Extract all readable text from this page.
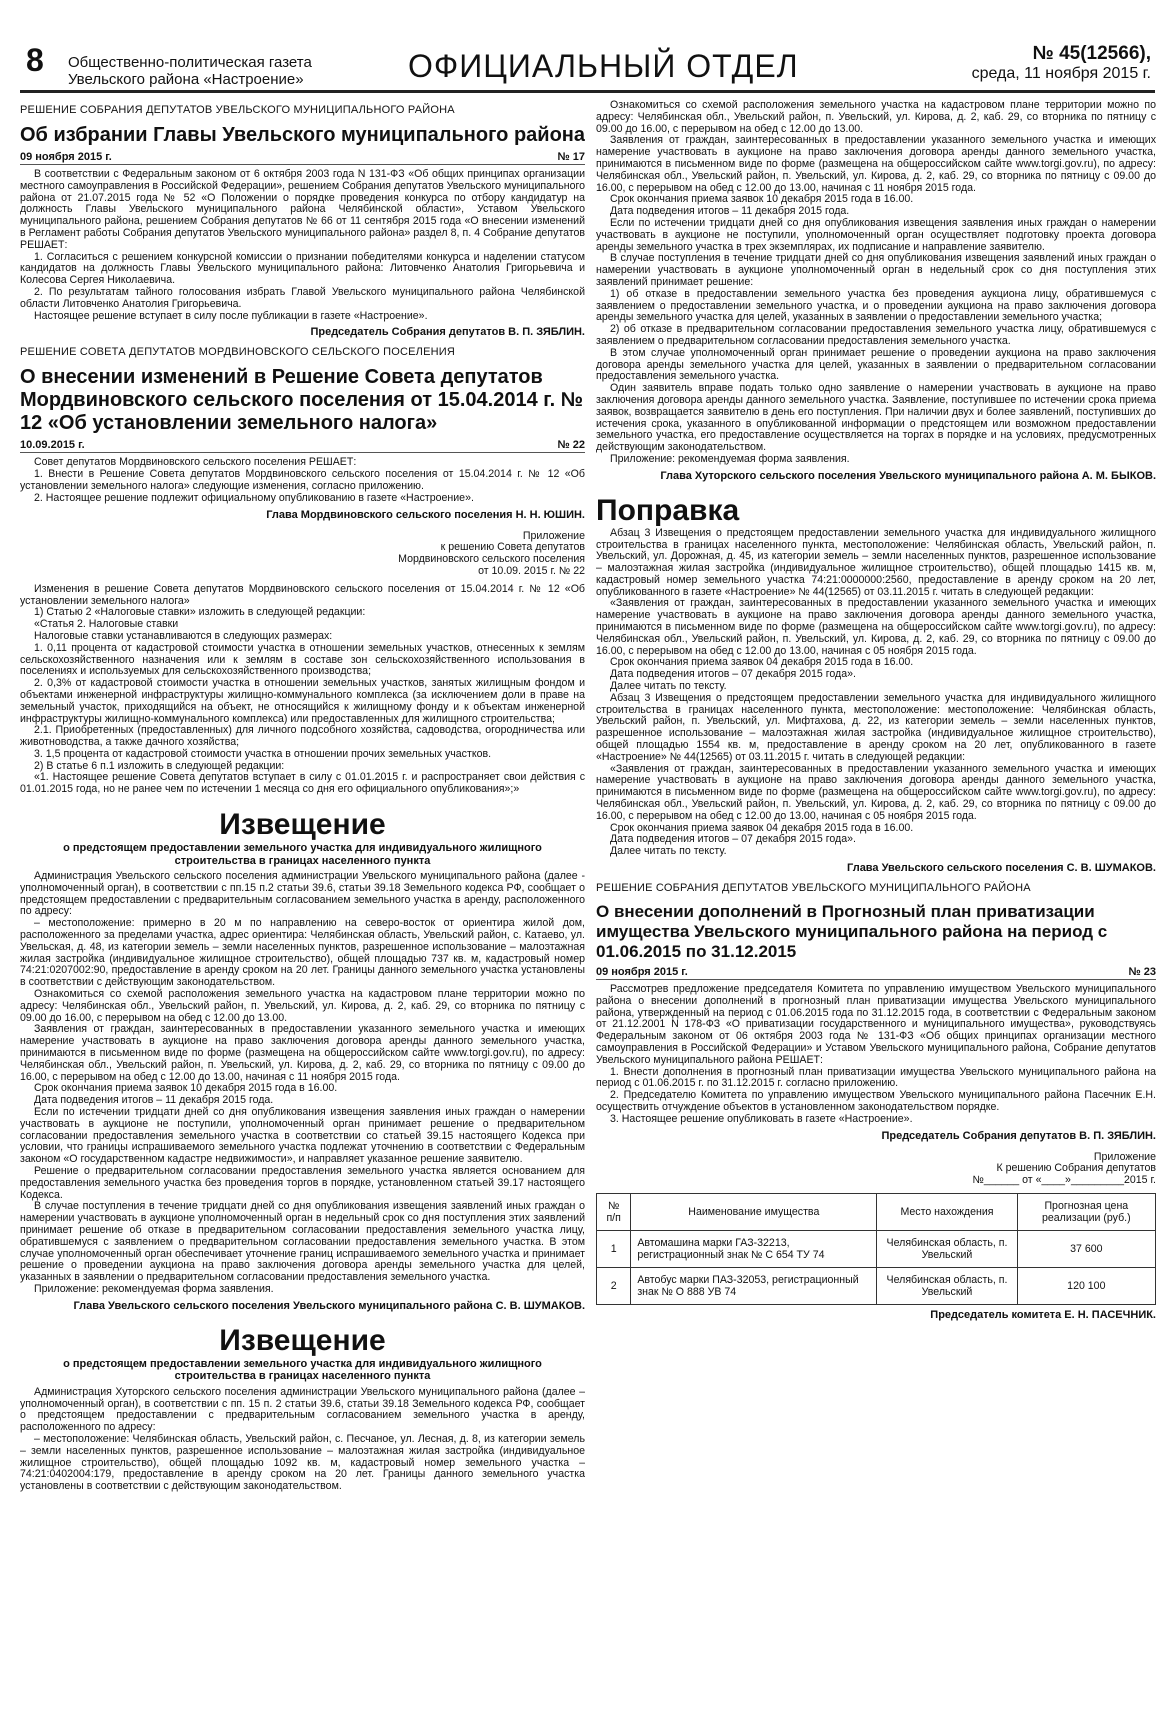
8 Общественно-политическая газета
Увельского района «Настроение»	ОФИЦИАЛЬНЫЙ ОТДЕЛ	№ 45(12566),
среда, 11 ноября 2015 г.
РЕШЕНИЕ СОБРАНИЯ ДЕПУТАТОВ УВЕЛЬСКОГО МУНИЦИПАЛЬНОГО РАЙОНА
Об избрании Главы Увельского муниципального района
09 ноября 2015 г.	№ 17

В соответствии с Федеральным законом от 6 октября 2003 года N 131-ФЗ «Об общих принципах организации местного самоуправления в Российской Федерации», решением Собрания депутатов Увельского муниципального района от 21.07.2015 года № 52 «О Положении о порядке проведения конкурса по отбору кандидатур на должность Главы Увельского муниципального района Челябинской области», Уставом Увельского муниципального района, решением Собрания депутатов № 66 от 11 сентября 2015 года «О внесении изменений в Регламент работы Собрания депутатов Увельского муниципального района» раздел 8, п. 4 Собрание депутатов РЕШАЕТ:

1. Согласиться с решением конкурсной комиссии о признании победителями конкурса и наделении статусом кандидатов на должность Главы Увельского муниципального района: Литовченко Анатолия Григорьевича и Колесова Сергея Николаевича.

2. По результатам тайного голосования избрать Главой Увельского муниципального района Челябинской области Литовченко Анатолия Григорьевича.

Настоящее решение вступает в силу после публикации в газете «Настроение».

Председатель Собрания депутатов В. П. ЗЯБЛИН.
РЕШЕНИЕ СОВЕТА ДЕПУТАТОВ МОРДВИНОВСКОГО СЕЛЬСКОГО ПОСЕЛЕНИЯ
О внесении изменений в Решение Совета депутатов Мордвиновского сельского поселения от 15.04.2014 г. № 12 «Об установлении земельного налога»
10.09.2015 г.	№ 22

Совет депутатов Мордвиновского сельского поселения РЕШАЕТ:

1. Внести в Решение Совета депутатов Мордвиновского сельского поселения от 15.04.2014 г. № 12 «Об установлении земельного налога» следующие изменения, согласно приложению.

2. Настоящее решение подлежит официальному опубликованию в газете «Настроение».

Глава Мордвиновского сельского поселения Н. Н. ЮШИН.
Приложение
к решению Совета депутатов
Мордвиновского сельского поселения
от 10.09. 2015 г. № 22

Изменения в решение Совета депутатов Мордвиновского сельского поселения от 15.04.2014 г. № 12 «Об установлении земельного налога»

1) Статью 2 «Налоговые ставки» изложить в следующей редакции:

«Статья 2. Налоговые ставки

Налоговые ставки устанавливаются в следующих размерах:

1. 0,11 процента от кадастровой стоимости участка в отношении земельных участков, отнесенных к землям сельскохозяйственного назначения или к землям в составе зон сельскохозяйственного использования в поселениях и используемых для сельскохозяйственного производства;

2. 0,3% от кадастровой стоимости участка в отношении земельных участков, занятых жилищным фондом и объектами инженерной инфраструктуры жилищно-коммунального комплекса (за исключением доли в праве на земельный участок, приходящийся на объект, не относящийся к жилищному фонду и к объектам инженерной инфраструктуры жилищно-коммунального комплекса) или предоставленных для жилищного строительства;

2.1. Приобретенных (предоставленных) для личного подсобного хозяйства, садоводства, огородничества или животноводства, а также дачного хозяйства;

3. 1,5 процента от кадастровой стоимости участка в отношении прочих земельных участков.

2) В статье 6 п.1 изложить в следующей редакции:

«1. Настоящее решение Совета депутатов вступает в силу с 01.01.2015 г. и распространяет свои действия с 01.01.2015 года, но не ранее чем по истечении 1 месяца со дня его официального опубликования»;»

Извещение
о предстоящем предоставлении земельного участка для индивидуального жилищного строительства в границах населенного пункта

Администрация Увельского сельского поселения администрации Увельского муниципального района (далее - уполномоченный орган), в соответствии с пп.15 п.2 статьи 39.6, статьи 39.18 Земельного кодекса РФ, сообщает о предстоящем предоставлении с предварительным согласованием земельного участка в аренду, расположенного по адресу:

– местоположение: примерно в 20 м по направлению на северо-восток от ориентира жилой дом, расположенного за пределами участка, адрес ориентира: Челябинская область, Увельский район, с. Катаево, ул. Увельская, д. 48, из категории земель – земли населенных пунктов, разрешенное использование – малоэтажная жилая застройка (индивидуальное жилищное строительство), общей площадью 737 кв. м, кадастровый номер 74:21:0207002:90, предоставление в аренду сроком на 20 лет. Границы данного земельного участка установлены в соответствии с действующим законодательством.

Ознакомиться со схемой расположения земельного участка на кадастровом плане территории можно по адресу: Челябинская обл., Увельский район, п. Увельский, ул. Кирова, д. 2, каб. 29, со вторника по пятницу с 09.00 до 16.00, с перерывом на обед с 12.00 до 13.00.

Заявления от граждан, заинтересованных в предоставлении указанного земельного участка и имеющих намерение участвовать в аукционе на право заключения договора аренды данного земельного участка, принимаются в письменном виде по форме (размещена на общероссийском сайте www.torgi.gov.ru), по адресу: Челябинская обл., Увельский район, п. Увельский, ул. Кирова, д. 2, каб. 29, со вторника по пятницу с 09.00 до 16.00, с перерывом на обед с 12.00 до 13.00, начиная с 11 ноября 2015 года.

Срок окончания приема заявок 10 декабря 2015 года в 16.00.

Дата подведения итогов – 11 декабря 2015 года.

Если по истечении тридцати дней со дня опубликования извещения заявления иных граждан о намерении участвовать в аукционе не поступили, уполномоченный орган принимает решение о предварительном согласовании предоставления земельного участка в соответствии со статьей 39.15 настоящего Кодекса при условии, что границы испрашиваемого земельного участка подлежат уточнению в соответствии с Федеральным законом «О государственном кадастре недвижимости», и направляет указанное решение заявителю.

Решение о предварительном согласовании предоставления земельного участка является основанием для предоставления земельного участка без проведения торгов в порядке, установленном статьей 39.17 настоящего Кодекса.

В случае поступления в течение тридцати дней со дня опубликования извещения заявлений иных граждан о намерении участвовать в аукционе уполномоченный орган в недельный срок со дня поступления этих заявлений принимает решение об отказе в предварительном согласовании предоставления земельного участка лицу, обратившемуся с заявлением о предварительном согласовании предоставления земельного участка. В этом случае уполномоченный орган обеспечивает уточнение границ испрашиваемого земельного участка и принимает решение о проведении аукциона на право заключения договора аренды земельного участка для целей, указанных в заявлении о предварительном согласовании предоставления земельного участка.

Приложение: рекомендуемая форма заявления.

Глава Увельского сельского поселения Увельского муниципального района С. В. ШУМАКОВ.
Извещение
о предстоящем предоставлении земельного участка для индивидуального жилищного строительства в границах населенного пункта

Администрация Хуторского сельского поселения администрации Увельского муниципального района (далее – уполномоченный орган), в соответствии с пп. 15 п. 2 статьи 39.6, статьи 39.18 Земельного кодекса РФ, сообщает о предстоящем предоставлении с предварительным согласованием земельного участка в аренду, расположенного по адресу:

– местоположение: Челябинская область, Увельский район, с. Песчаное, ул. Лесная, д. 8, из категории земель – земли населенных пунктов, разрешенное использование – малоэтажная жилая застройка (индивидуальное жилищное строительство), общей площадью 1092 кв. м, кадастровый номер земельного участка – 74:21:0402004:179, предоставление в аренду сроком на 20 лет. Границы данного земельного участка установлены в соответствии с действующим законодательством.

Ознакомиться со схемой расположения земельного участка на кадастровом плане территории можно по адресу: Челябинская обл., Увельский район, п. Увельский, ул. Кирова, д. 2, каб. 29, со вторника по пятницу с 09.00 до 16.00, с перерывом на обед с 12.00 до 13.00.

Заявления от граждан, заинтересованных в предоставлении указанного земельного участка и имеющих намерение участвовать в аукционе на право заключения договора аренды данного земельного участка, принимаются в письменном виде по форме (размещена на общероссийском сайте www.torgi.gov.ru), по адресу: Челябинская обл., Увельский район, п. Увельский, ул. Кирова, д. 2, каб. 29, со вторника по пятницу с 09.00 до 16.00, с перерывом на обед с 12.00 до 13.00, начиная с 11 ноября 2015 года.

Срок окончания приема заявок 10 декабря 2015 года в 16.00.

Дата подведения итогов – 11 декабря 2015 года.

Если по истечении тридцати дней со дня опубликования извещения заявления иных граждан о намерении участвовать в аукционе не поступили, уполномоченный орган осуществляет подготовку проекта договора аренды земельного участка в трех экземплярах, их подписание и направление заявителю.

В случае поступления в течение тридцати дней со дня опубликования извещения заявлений иных граждан о намерении участвовать в аукционе уполномоченный орган в недельный срок со дня поступления этих заявлений принимает решение:

1) об отказе в предоставлении земельного участка без проведения аукциона лицу, обратившемуся с заявлением о предоставлении земельного участка, и о проведении аукциона на право заключения договора аренды земельного участка для целей, указанных в заявлении о предоставлении земельного участка;

2) об отказе в предварительном согласовании предоставления земельного участка лицу, обратившемуся с заявлением о предварительном согласовании предоставления земельного участка.

В этом случае уполномоченный орган принимает решение о проведении аукциона на право заключения договора аренды земельного участка для целей, указанных в заявлении о предварительном согласовании предоставления земельного участка.

Один заявитель вправе подать только одно заявление о намерении участвовать в аукционе на право заключения договора аренды данного земельного участка. Заявление, поступившее по истечении срока приема заявок, возвращается заявителю в день его поступления. При наличии двух и более заявлений, поступивших до истечения срока, указанного в опубликованной информации о предстоящем или возможном предоставлении земельного участка, его предоставление осуществляется на торгах в порядке и на условиях, предусмотренных действующим законодательством.

Приложение: рекомендуемая форма заявления.

Глава Хуторского сельского поселения Увельского муниципального района А. М. БЫКОВ.
Поправка

Абзац 3 Извещения о предстоящем предоставлении земельного участка для индивидуального жилищного строительства в границах населенного пункта, местоположение: Челябинская область, Увельский район, п. Увельский, ул. Дорожная, д. 45, из категории земель – земли населенных пунктов, разрешенное использование – малоэтажная жилая застройка (индивидуальное жилищное строительство), общей площадью 1415 кв. м, кадастровый номер земельного участка 74:21:0000000:2560, предоставление в аренду сроком на 20 лет, опубликованного в газете «Настроение» № 44(12565) от 03.11.2015 г. читать в следующей редакции:

«Заявления от граждан, заинтересованных в предоставлении указанного земельного участка и имеющих намерение участвовать в аукционе на право заключения договора аренды данного земельного участка, принимаются в письменном виде по форме (размещена на общероссийском сайте www.torgi.gov.ru), по адресу: Челябинская обл., Увельский район, п. Увельский, ул. Кирова, д. 2, каб. 29, со вторника по пятницу с 09.00 до 16.00, с перерывом на обед с 12.00 до 13.00, начиная с 05 ноября 2015 года.

Срок окончания приема заявок 04 декабря 2015 года в 16.00.

Дата подведения итогов – 07 декабря 2015 года».

Далее читать по тексту.

Абзац 3 Извещения о предстоящем предоставлении земельного участка для индивидуального жилищного строительства в границах населенного пункта, местоположение: местоположение: Челябинская область, Увельский район, п. Увельский, ул. Мифтахова, д. 22, из категории земель – земли населенных пунктов, разрешенное использование – малоэтажная жилая застройка (индивидуальное жилищное строительство), общей площадью 1554 кв. м, предоставление в аренду сроком на 20 лет, опубликованного в газете «Настроение» № 44(12565) от 03.11.2015 г. читать в следующей редакции:

«Заявления от граждан, заинтересованных в предоставлении указанного земельного участка и имеющих намерение участвовать в аукционе на право заключения договора аренды данного земельного участка, принимаются в письменном виде по форме (размещена на общероссийском сайте www.torgi.gov.ru), по адресу: Челябинская обл., Увельский район, п. Увельский, ул. Кирова, д. 2, каб. 29, со вторника по пятницу с 09.00 до 16.00, с перерывом на обед с 12.00 до 13.00, начиная с 05 ноября 2015 года.

Срок окончания приема заявок 04 декабря 2015 года в 16.00.

Дата подведения итогов – 07 декабря 2015 года».

Далее читать по тексту.

Глава Увельского сельского поселения С. В. ШУМАКОВ.
РЕШЕНИЕ СОБРАНИЯ ДЕПУТАТОВ УВЕЛЬСКОГО МУНИЦИПАЛЬНОГО РАЙОНА
О внесении дополнений в Прогнозный план приватизации имущества Увельского муниципального района на период с 01.06.2015 по 31.12.2015
09 ноября 2015 г.	№ 23

Рассмотрев предложение председателя Комитета по управлению имуществом Увельского муниципального района о внесении дополнений в прогнозный план приватизации имущества Увельского муниципального района, утвержденный на период с 01.06.2015 года по 31.12.2015 года, в соответствии с Федеральным законом от 21.12.2001 N 178-ФЗ «О приватизации государственного и муниципального имущества», руководствуясь Федеральным законом от 06 октября 2003 года № 131-ФЗ «Об общих принципах организации местного самоуправления в Российской Федерации» и Уставом Увельского муниципального района, Собрание депутатов Увельского муниципального района РЕШАЕТ:

1. Внести дополнения в прогнозный план приватизации имущества Увельского муниципального района на период с 01.06.2015 г. по 31.12.2015 г. согласно приложению.

2. Председателю Комитета по управлению имуществом Увельского муниципального района Пасечник Е.Н. осуществить отчуждение объектов в установленном законодательством порядке.

3. Настоящее решение опубликовать в газете «Настроение».

Председатель Собрания депутатов В. П. ЗЯБЛИН.
Приложение
К решению Собрания депутатов
№______ от «____»_________2015 г.
№ п/п	Наименование имущества	Место нахождения	Прогнозная цена реализации (руб.)
1	Автомашина марки ГАЗ-32213, регистрационный знак № С 654 ТУ 74	Челябинская область, п. Увельский	37 600
2	Автобус марки ПАЗ-32053, регистрационный знак № О 888 УВ 74	Челябинская область, п. Увельский	120 100
Председатель комитета Е. Н. ПАСЕЧНИК.
